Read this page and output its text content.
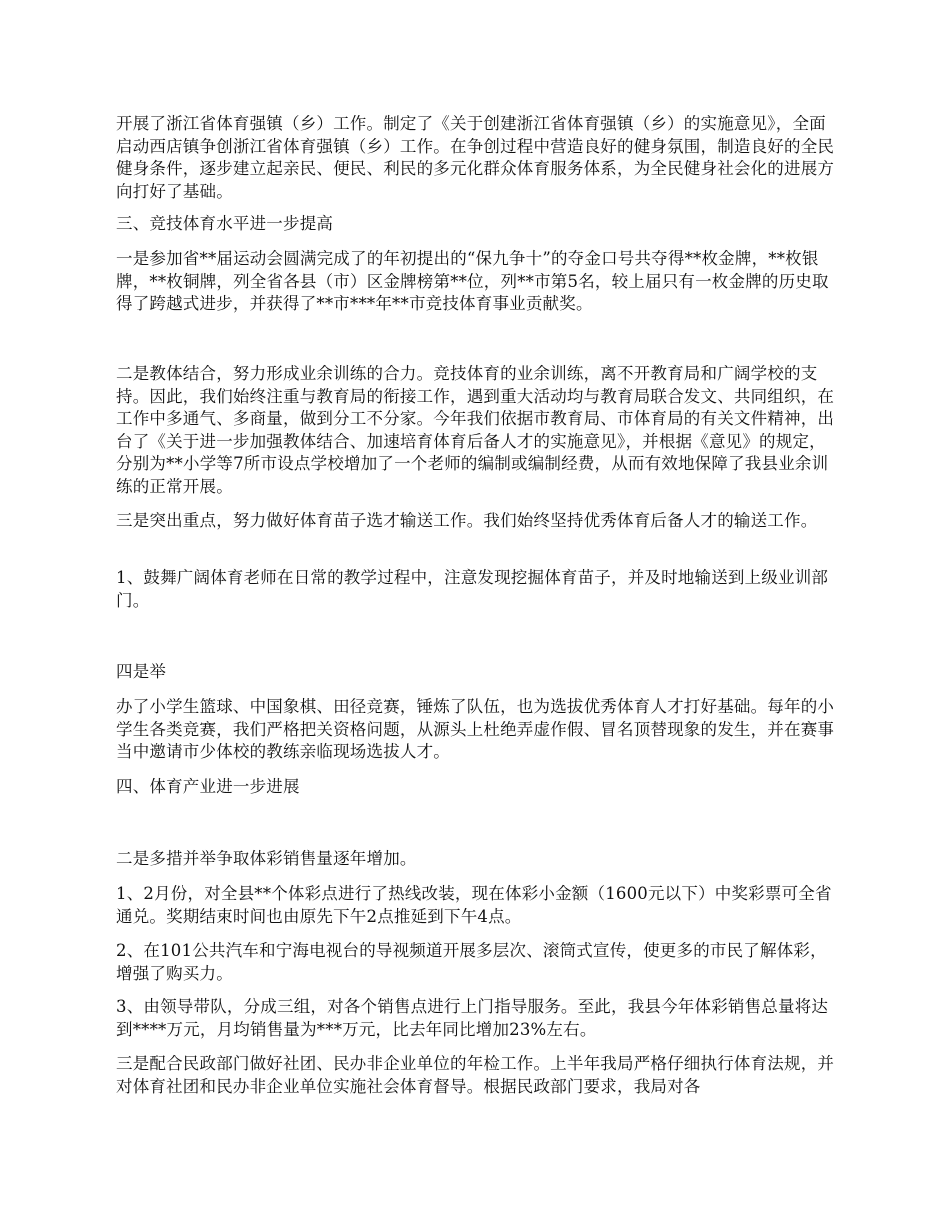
开展了浙江省体育强镇（乡）工作。制定了《关于创建浙江省体育强镇（乡）的实施意见》，全面启动西店镇争创浙江省体育强镇（乡）工作。在争创过程中营造良好的健身氛围，制造良好的全民健身条件，逐步建立起亲民、便民、利民的多元化群众体育服务体系，为全民健身社会化的进展方向打好了基础。

三、竞技体育水平进一步提高

一是参加省**届运动会圆满完成了的年初提出的“保九争十”的夺金口号共夺得**枚金牌，**枚银牌，**枚铜牌，列全省各县（市）区金牌榜第**位，列**市第5名，较上届只有一枚金牌的历史取得了跨越式进步，并获得了**市***年**市竞技体育事业贡献奖。

二是教体结合，努力形成业余训练的合力。竞技体育的业余训练，离不开教育局和广阔学校的支持。因此，我们始终注重与教育局的衔接工作，遇到重大活动均与教育局联合发文、共同组织，在工作中多通气、多商量，做到分工不分家。今年我们依据市教育局、市体育局的有关文件精神，出台了《关于进一步加强教体结合、加速培育体育后备人才的实施意见》，并根据《意见》的规定，分别为**小学等7所市设点学校增加了一个老师的编制或编制经费，从而有效地保障了我县业余训练的正常开展。

三是突出重点，努力做好体育苗子选才输送工作。我们始终坚持优秀体育后备人才的输送工作。

1、鼓舞广阔体育老师在日常的教学过程中，注意发现挖掘体育苗子，并及时地输送到上级业训部门。

四是举

办了小学生篮球、中国象棋、田径竞赛，锤炼了队伍，也为选拔优秀体育人才打好基础。每年的小学生各类竞赛，我们严格把关资格问题，从源头上杜绝弄虚作假、冒名顶替现象的发生，并在赛事当中邀请市少体校的教练亲临现场选拔人才。

四、体育产业进一步进展

二是多措并举争取体彩销售量逐年增加。

1、2月份，对全县**个体彩点进行了热线改装，现在体彩小金额（1600元以下）中奖彩票可全省通兑。奖期结束时间也由原先下午2点推延到下午4点。

2、在101公共汽车和宁海电视台的导视频道开展多层次、滚筒式宣传，使更多的市民了解体彩，增强了购买力。

3、由领导带队，分成三组，对各个销售点进行上门指导服务。至此，我县今年体彩销售总量将达到****万元，月均销售量为***万元，比去年同比增加23%左右。

三是配合民政部门做好社团、民办非企业单位的年检工作。上半年我局严格仔细执行体育法规，并对体育社团和民办非企业单位实施社会体育督导。根据民政部门要求，我局对各
